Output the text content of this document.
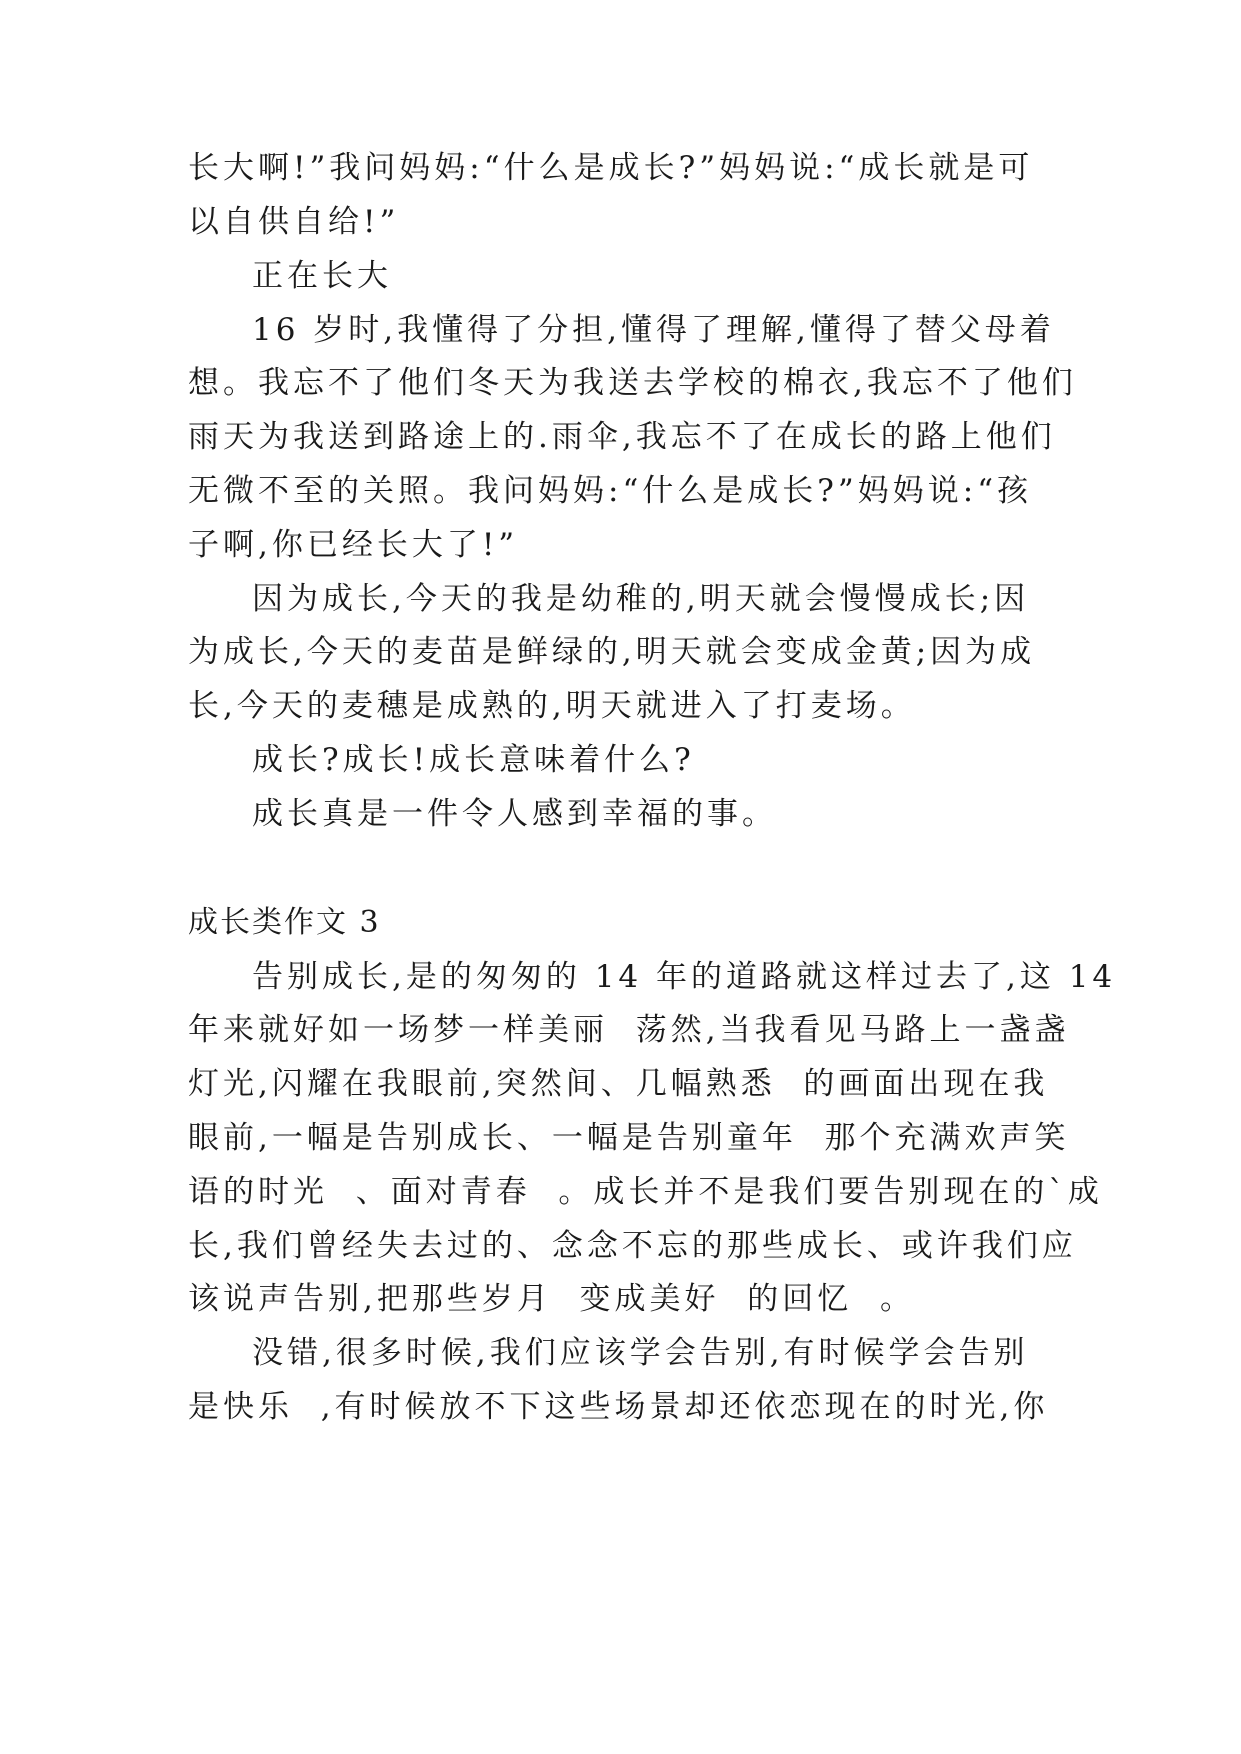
长大啊!”我问妈妈:“什么是成长?”妈妈说:“成长就是可
以自供自给!”
正在长大
16 岁时,我懂得了分担,懂得了理解,懂得了替父母着
想。我忘不了他们冬天为我送去学校的棉衣,我忘不了他们
雨天为我送到路途上的.雨伞,我忘不了在成长的路上他们
无微不至的关照。我问妈妈:“什么是成长?”妈妈说:“孩
子啊,你已经长大了!”
因为成长,今天的我是幼稚的,明天就会慢慢成长;因
为成长,今天的麦苗是鲜绿的,明天就会变成金黄;因为成
长,今天的麦穗是成熟的,明天就进入了打麦场。
成长?成长!成长意味着什么?
成长真是一件令人感到幸福的事。
成长类作文 3
告别成长,是的匆匆的 14 年的道路就这样过去了,这 14
年来就好如一场梦一样美丽  荡然,当我看见马路上一盏盏
灯光,闪耀在我眼前,突然间、几幅熟悉  的画面出现在我
眼前,一幅是告别成长、一幅是告别童年  那个充满欢声笑
语的时光  、面对青春  。成长并不是我们要告别现在的`成
长,我们曾经失去过的、念念不忘的那些成长、或许我们应
该说声告别,把那些岁月  变成美好  的回忆  。
没错,很多时候,我们应该学会告别,有时候学会告别
是快乐  ,有时候放不下这些场景却还依恋现在的时光,你
